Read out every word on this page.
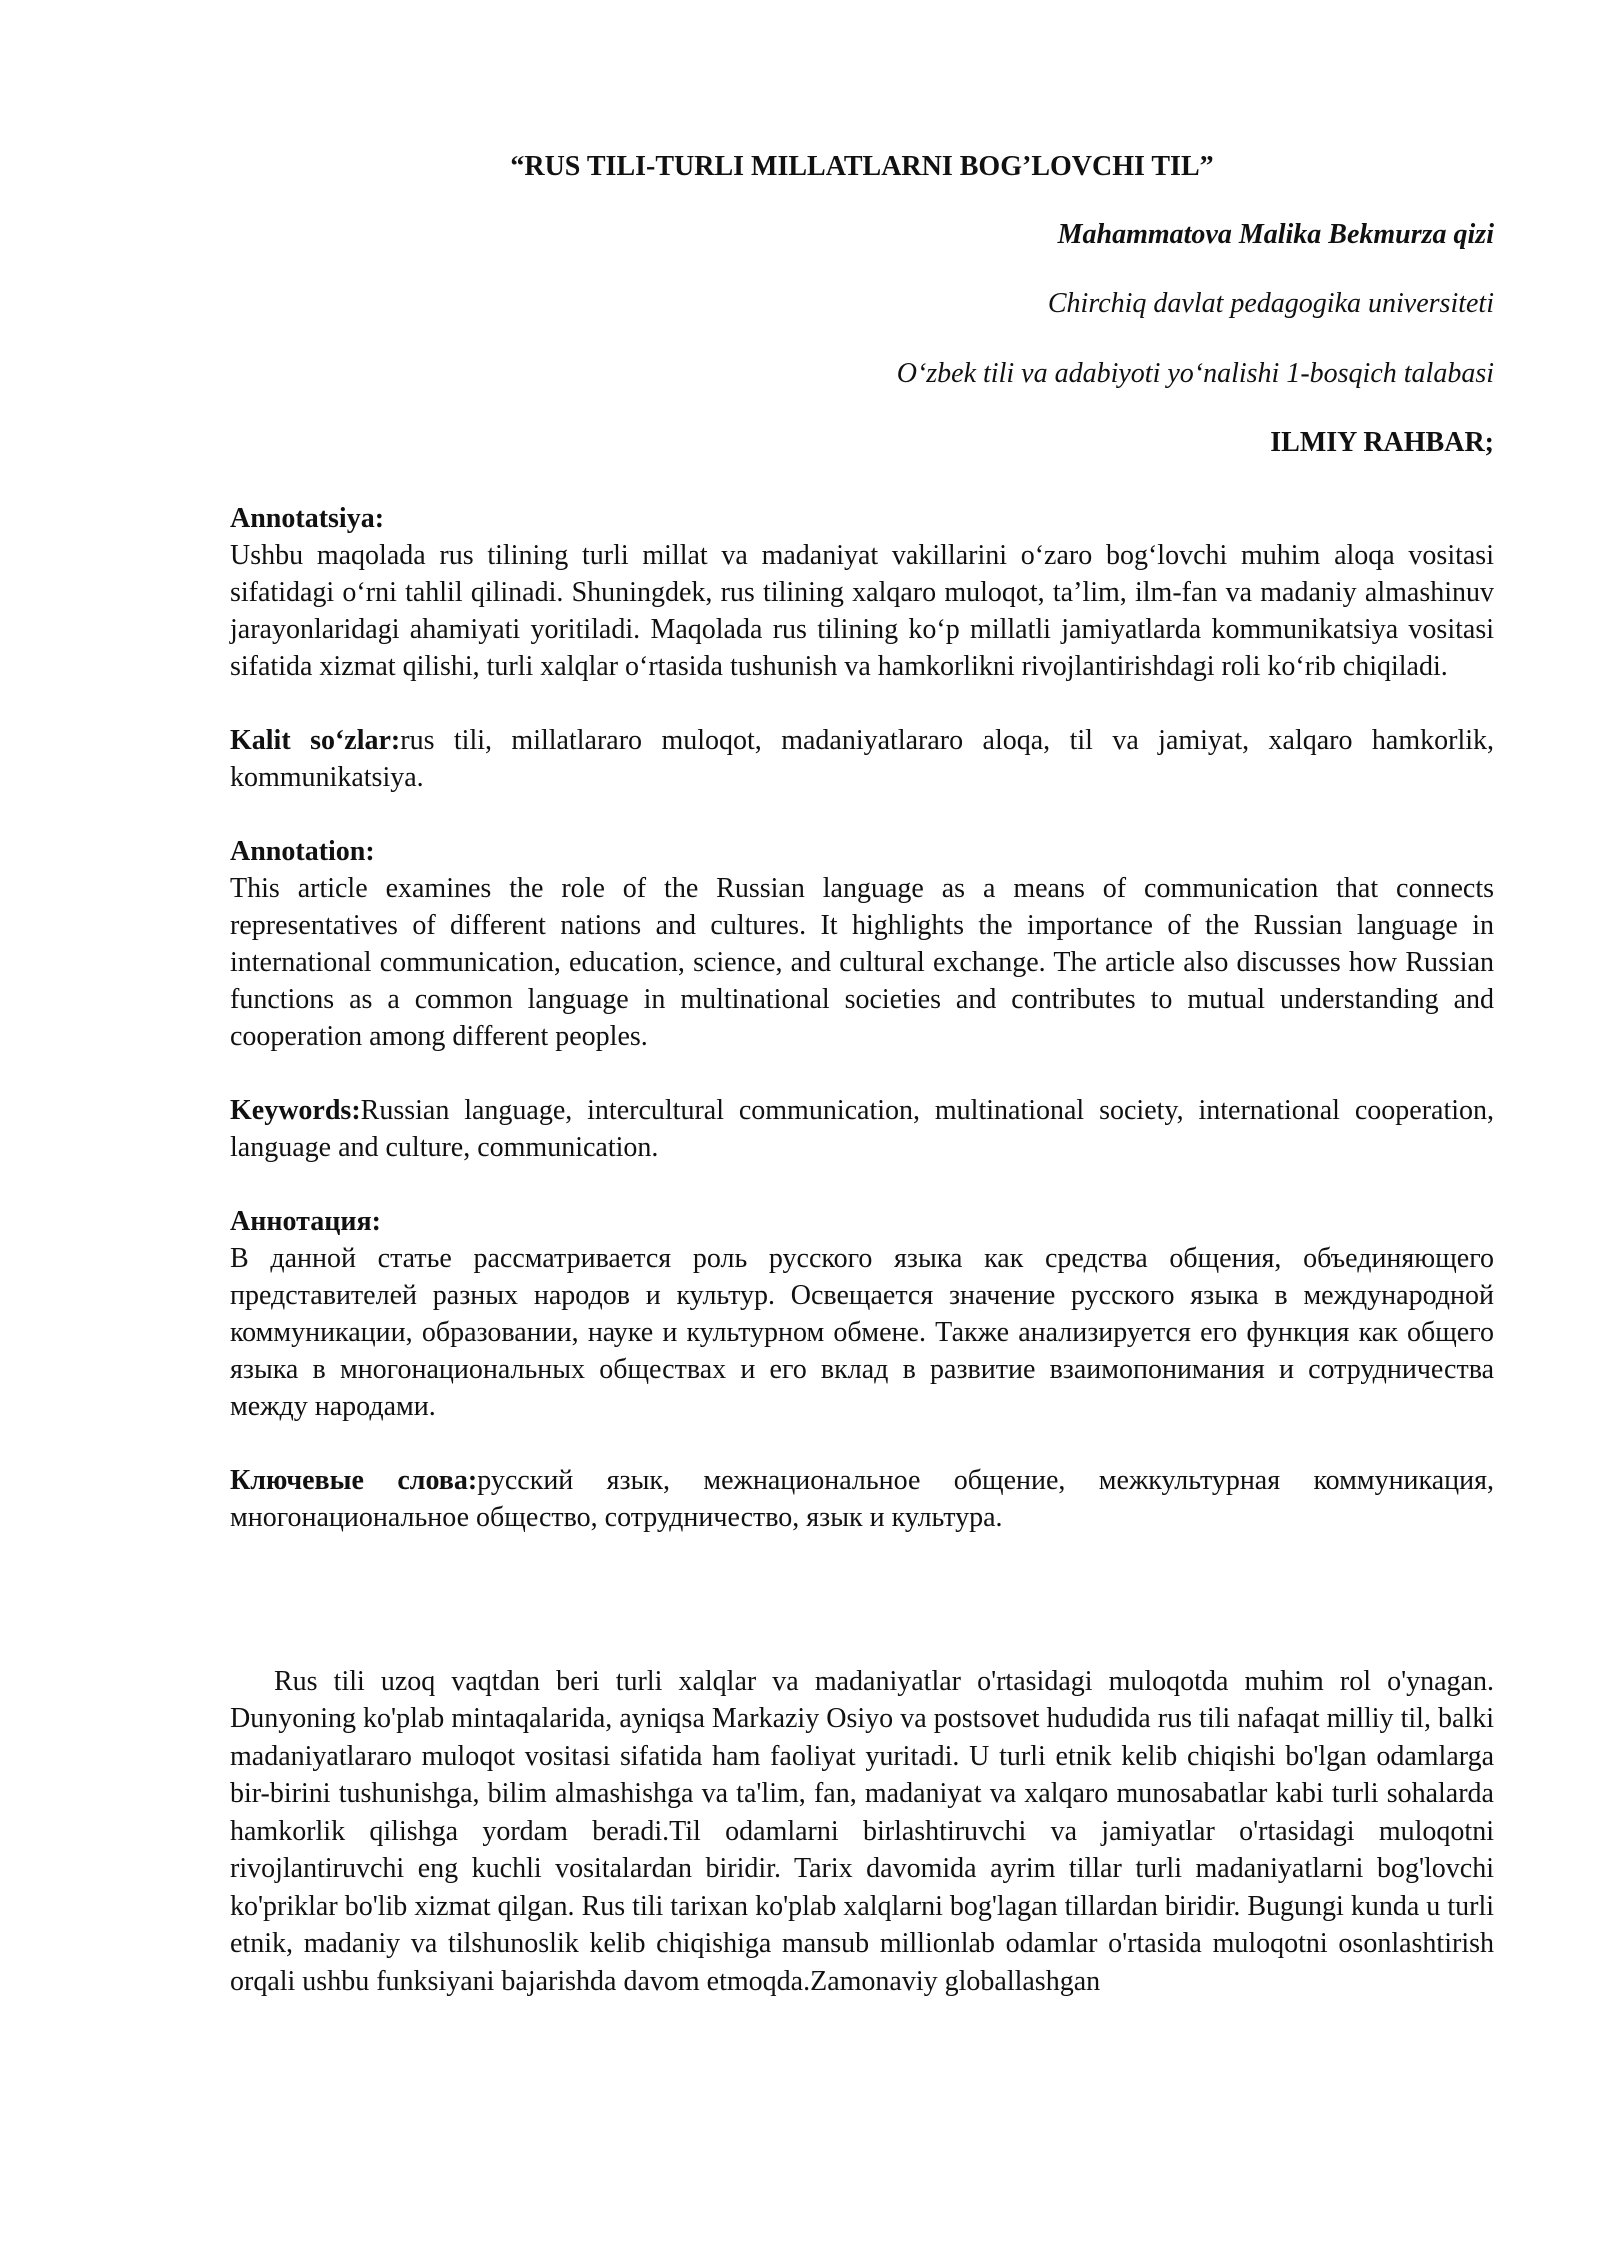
“RUS TILI-TURLI MILLATLARNI BOG’LOVCHI TIL”
Mahammatova Malika Bekmurza qizi
Chirchiq davlat pedagogika universiteti
O‘zbek tili va adabiyoti yo‘nalishi 1-bosqich talabasi
ILMIY RAHBAR;
Annotatsiya:

Ushbu maqolada rus tilining turli millat va madaniyat vakillarini o‘zaro bog‘lovchi muhim aloqa vositasi sifatidagi o‘rni tahlil qilinadi. Shuningdek, rus tilining xalqaro muloqot, ta’lim, ilm-fan va madaniy almashinuv jarayonlaridagi ahamiyati yoritiladi. Maqolada rus tilining ko‘p millatli jamiyatlarda kommunikatsiya vositasi sifatida xizmat qilishi, turli xalqlar o‘rtasida tushunish va hamkorlikni rivojlantirishdagi roli ko‘rib chiqiladi.

Kalit so‘zlar:rus tili, millatlararo muloqot, madaniyatlararo aloqa, til va jamiyat, xalqaro hamkorlik, kommunikatsiya.

Annotation:

This article examines the role of the Russian language as a means of communication that connects representatives of different nations and cultures. It highlights the importance of the Russian language in international communication, education, science, and cultural exchange. The article also discusses how Russian functions as a common language in multinational societies and contributes to mutual understanding and cooperation among different peoples.

Keywords:Russian language, intercultural communication, multinational society, international cooperation, language and culture, communication.

Аннотация:

В данной статье рассматривается роль русского языка как средства общения, объединяющего представителей разных народов и культур. Освещается значение русского языка в международной коммуникации, образовании, науке и культурном обмене. Также анализируется его функция как общего языка в многонациональных обществах и его вклад в развитие взаимопонимания и сотрудничества между народами.

Ключевые слова:русский язык, межнациональное общение, межкультурная коммуникация, многонациональное общество, сотрудничество, язык и культура.

Rus tili uzoq vaqtdan beri turli xalqlar va madaniyatlar o'rtasidagi muloqotda muhim rol o'ynagan. Dunyoning ko'plab mintaqalarida, ayniqsa Markaziy Osiyo va postsovet hududida rus tili nafaqat milliy til, balki madaniyatlararo muloqot vositasi sifatida ham faoliyat yuritadi. U turli etnik kelib chiqishi bo'lgan odamlarga bir-birini tushunishga, bilim almashishga va ta'lim, fan, madaniyat va xalqaro munosabatlar kabi turli sohalarda hamkorlik qilishga yordam beradi.Til odamlarni birlashtiruvchi va jamiyatlar o'rtasidagi muloqotni rivojlantiruvchi eng kuchli vositalardan biridir. Tarix davomida ayrim tillar turli madaniyatlarni bog'lovchi ko'priklar bo'lib xizmat qilgan. Rus tili tarixan ko'plab xalqlarni bog'lagan tillardan biridir. Bugungi kunda u turli etnik, madaniy va tilshunoslik kelib chiqishiga mansub millionlab odamlar o'rtasida muloqotni osonlashtirish orqali ushbu funksiyani bajarishda davom etmoqda.Zamonaviy globallashgan
